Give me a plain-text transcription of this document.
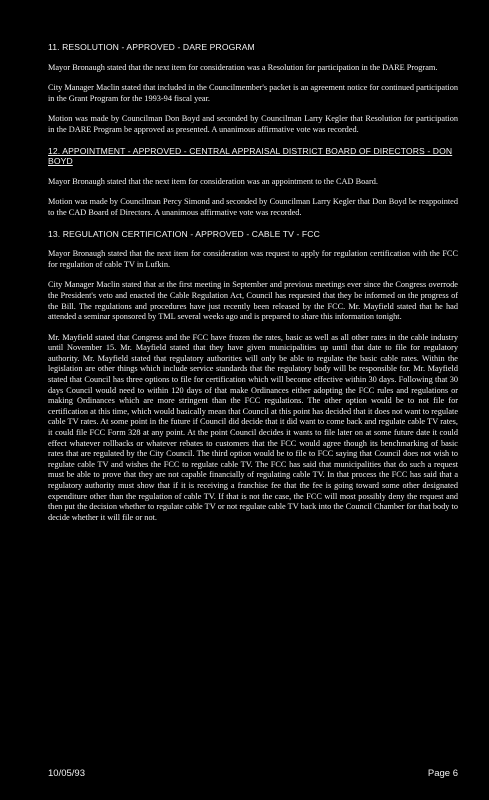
11. RESOLUTION - APPROVED - DARE PROGRAM

Mayor Bronaugh stated that the next item for consideration was a Resolution for participation in the DARE Program.

City Manager Maclin stated that included in the Councilmember's packet is an agreement notice for continued participation in the Grant Program for the 1993-94 fiscal year.

Motion was made by Councilman Don Boyd and seconded by Councilman Larry Kegler that Resolution for participation in the DARE Program be approved as presented. A unanimous affirmative vote was recorded.

12. APPOINTMENT - APPROVED - CENTRAL APPRAISAL DISTRICT BOARD OF DIRECTORS - DON BOYD

Mayor Bronaugh stated that the next item for consideration was an appointment to the CAD Board.

Motion was made by Councilman Percy Simond and seconded by Councilman Larry Kegler that Don Boyd be reappointed to the CAD Board of Directors. A unanimous affirmative vote was recorded.

13. REGULATION CERTIFICATION - APPROVED - CABLE TV - FCC

Mayor Bronaugh stated that the next item for consideration was request to apply for regulation certification with the FCC for regulation of cable TV in Lufkin.

City Manager Maclin stated that at the first meeting in September and previous meetings ever since the Congress overrode the President's veto and enacted the Cable Regulation Act, Council has requested that they be informed on the progress of the Bill. The regulations and procedures have just recently been released by the FCC. Mr. Mayfield stated that he had attended a seminar sponsored by TML several weeks ago and is prepared to share this information tonight.

Mr. Mayfield stated that Congress and the FCC have frozen the rates, basic as well as all other rates in the cable industry until November 15. Mr. Mayfield stated that they have given municipalities up until that date to file for regulatory authority. Mr. Mayfield stated that regulatory authorities will only be able to regulate the basic cable rates. Within the legislation are other things which include service standards that the regulatory body will be responsible for. Mr. Mayfield stated that Council has three options to file for certification which will become effective within 30 days. Following that 30 days Council would need to within 120 days of that make Ordinances either adopting the FCC rules and regulations or making Ordinances which are more stringent than the FCC regulations. The other option would be to not file for certification at this time, which would basically mean that Council at this point has decided that it does not want to regulate cable TV rates. At some point in the future if Council did decide that it did want to come back and regulate cable TV rates, it could file FCC Form 328 at any point. At the point Council decides it wants to file later on at some future date it could effect whatever rollbacks or whatever rebates to customers that the FCC would agree though its benchmarking of basic rates that are regulated by the City Council. The third option would be to file to FCC saying that Council does not wish to regulate cable TV and wishes the FCC to regulate cable TV. The FCC has said that municipalities that do such a request must be able to prove that they are not capable financially of regulating cable TV. In that process the FCC has said that a regulatory authority must show that if it is receiving a franchise fee that the fee is going toward some other designated expenditure other than the regulation of cable TV. If that is not the case, the FCC will most possibly deny the request and then put the decision whether to regulate cable TV or not regulate cable TV back into the Council Chamber for that body to decide whether it will file or not.

10/05/93	Page 6
